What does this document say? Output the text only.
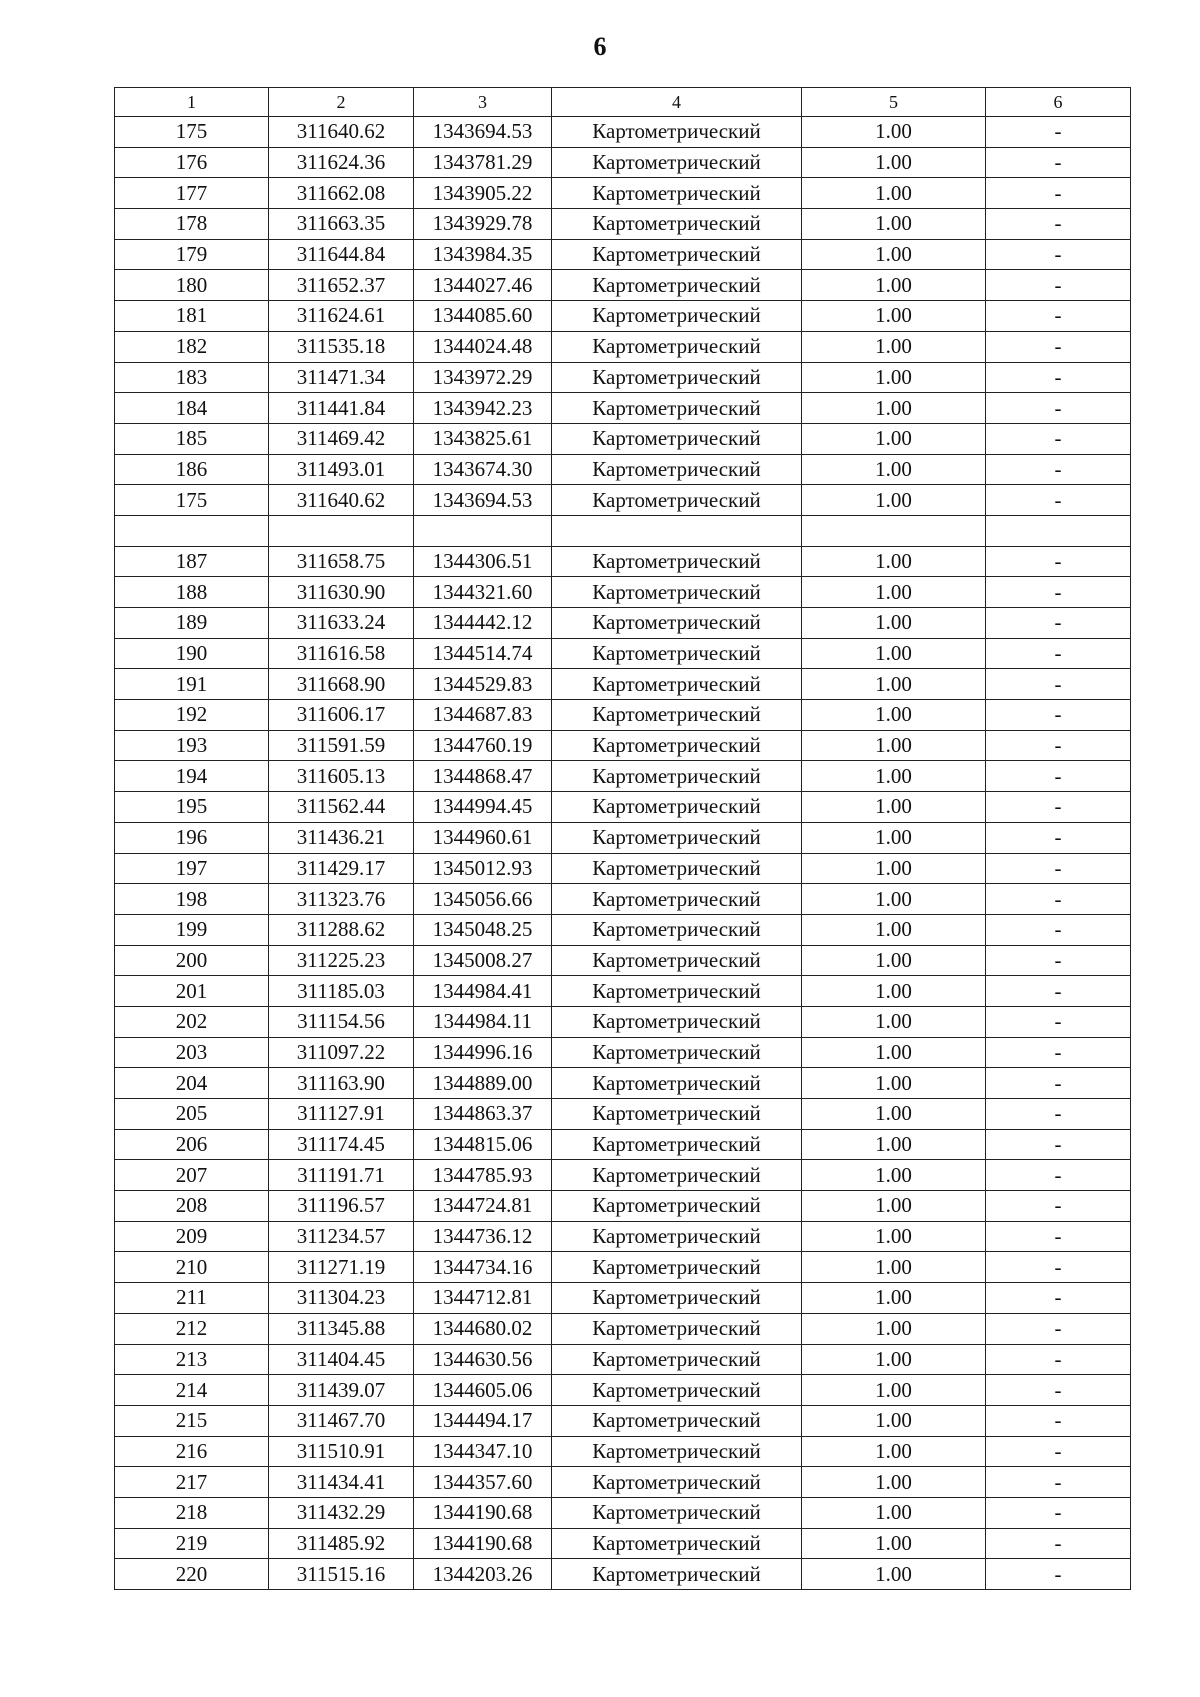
6
1	2	3	4	5	6
175	311640.62	1343694.53	Картометрический	1.00	-
176	311624.36	1343781.29	Картометрический	1.00	-
177	311662.08	1343905.22	Картометрический	1.00	-
178	311663.35	1343929.78	Картометрический	1.00	-
179	311644.84	1343984.35	Картометрический	1.00	-
180	311652.37	1344027.46	Картометрический	1.00	-
181	311624.61	1344085.60	Картометрический	1.00	-
182	311535.18	1344024.48	Картометрический	1.00	-
183	311471.34	1343972.29	Картометрический	1.00	-
184	311441.84	1343942.23	Картометрический	1.00	-
185	311469.42	1343825.61	Картометрический	1.00	-
186	311493.01	1343674.30	Картометрический	1.00	-
175	311640.62	1343694.53	Картометрический	1.00	-

187	311658.75	1344306.51	Картометрический	1.00	-
188	311630.90	1344321.60	Картометрический	1.00	-
189	311633.24	1344442.12	Картометрический	1.00	-
190	311616.58	1344514.74	Картометрический	1.00	-
191	311668.90	1344529.83	Картометрический	1.00	-
192	311606.17	1344687.83	Картометрический	1.00	-
193	311591.59	1344760.19	Картометрический	1.00	-
194	311605.13	1344868.47	Картометрический	1.00	-
195	311562.44	1344994.45	Картометрический	1.00	-
196	311436.21	1344960.61	Картометрический	1.00	-
197	311429.17	1345012.93	Картометрический	1.00	-
198	311323.76	1345056.66	Картометрический	1.00	-
199	311288.62	1345048.25	Картометрический	1.00	-
200	311225.23	1345008.27	Картометрический	1.00	-
201	311185.03	1344984.41	Картометрический	1.00	-
202	311154.56	1344984.11	Картометрический	1.00	-
203	311097.22	1344996.16	Картометрический	1.00	-
204	311163.90	1344889.00	Картометрический	1.00	-
205	311127.91	1344863.37	Картометрический	1.00	-
206	311174.45	1344815.06	Картометрический	1.00	-
207	311191.71	1344785.93	Картометрический	1.00	-
208	311196.57	1344724.81	Картометрический	1.00	-
209	311234.57	1344736.12	Картометрический	1.00	-
210	311271.19	1344734.16	Картометрический	1.00	-
211	311304.23	1344712.81	Картометрический	1.00	-
212	311345.88	1344680.02	Картометрический	1.00	-
213	311404.45	1344630.56	Картометрический	1.00	-
214	311439.07	1344605.06	Картометрический	1.00	-
215	311467.70	1344494.17	Картометрический	1.00	-
216	311510.91	1344347.10	Картометрический	1.00	-
217	311434.41	1344357.60	Картометрический	1.00	-
218	311432.29	1344190.68	Картометрический	1.00	-
219	311485.92	1344190.68	Картометрический	1.00	-
220	311515.16	1344203.26	Картометрический	1.00	-
